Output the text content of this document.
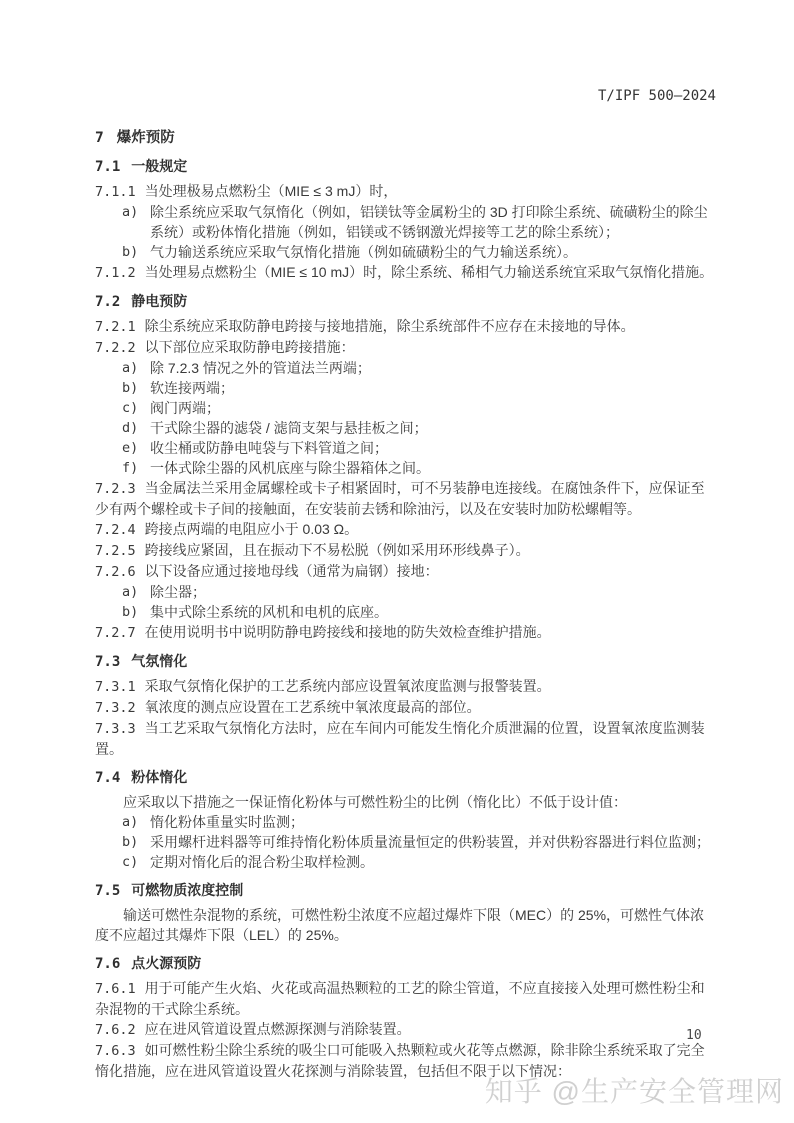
T/IPF 500—2024
7 爆炸预防
7.1 一般规定

7.1.1 当处理极易点燃粉尘（MIE ≤ 3 mJ）时，

a) 除尘系统应采取气氛惰化（例如，铝镁钛等金属粉尘的 3D 打印除尘系统、硫磺粉尘的除尘系统）或粉体惰化措施（例如，铝镁或不锈钢激光焊接等工艺的除尘系统）；
b) 气力输送系统应采取气氛惰化措施（例如硫磺粉尘的气力输送系统）。

7.1.2 当处理易点燃粉尘（MIE ≤ 10 mJ）时，除尘系统、稀相气力输送系统宜采取气氛惰化措施。

7.2 静电预防

7.2.1 除尘系统应采取防静电跨接与接地措施，除尘系统部件不应存在未接地的导体。

7.2.2 以下部位应采取防静电跨接措施：

a) 除 7.2.3 情况之外的管道法兰两端；
b) 软连接两端；
c) 阀门两端；
d) 干式除尘器的滤袋 / 滤筒支架与悬挂板之间；
e) 收尘桶或防静电吨袋与下料管道之间；
f) 一体式除尘器的风机底座与除尘器箱体之间。

7.2.3 当金属法兰采用金属螺栓或卡子相紧固时，可不另装静电连接线。在腐蚀条件下，应保证至少有两个螺栓或卡子间的接触面，在安装前去锈和除油污，以及在安装时加防松螺帽等。

7.2.4 跨接点两端的电阻应小于 0.03 Ω。

7.2.5 跨接线应紧固，且在振动下不易松脱（例如采用环形线鼻子）。

7.2.6 以下设备应通过接地母线（通常为扁钢）接地：

a) 除尘器；
b) 集中式除尘系统的风机和电机的底座。

7.2.7 在使用说明书中说明防静电跨接线和接地的防失效检查维护措施。

7.3 气氛惰化

7.3.1 采取气氛惰化保护的工艺系统内部应设置氧浓度监测与报警装置。

7.3.2 氧浓度的测点应设置在工艺系统中氧浓度最高的部位。

7.3.3 当工艺采取气氛惰化方法时，应在车间内可能发生惰化介质泄漏的位置，设置氧浓度监测装置。

7.4 粉体惰化

应采取以下措施之一保证惰化粉体与可燃性粉尘的比例（惰化比）不低于设计值：

a) 惰化粉体重量实时监测；
b) 采用螺杆进料器等可维持惰化粉体质量流量恒定的供粉装置，并对供粉容器进行料位监测；
c) 定期对惰化后的混合粉尘取样检测。
7.5 可燃物质浓度控制

输送可燃性杂混物的系统，可燃性粉尘浓度不应超过爆炸下限（MEC）的 25%，可燃性气体浓度不应超过其爆炸下限（LEL）的 25%。

7.6 点火源预防

7.6.1 用于可能产生火焰、火花或高温热颗粒的工艺的除尘管道，不应直接接入处理可燃性粉尘和杂混物的干式除尘系统。

7.6.2 应在进风管道设置点燃源探测与消除装置。

7.6.3 如可燃性粉尘除尘系统的吸尘口可能吸入热颗粒或火花等点燃源，除非除尘系统采取了完全惰化措施，应在进风管道设置火花探测与消除装置，包括但不限于以下情况：

10
知乎 @生产安全管理网
